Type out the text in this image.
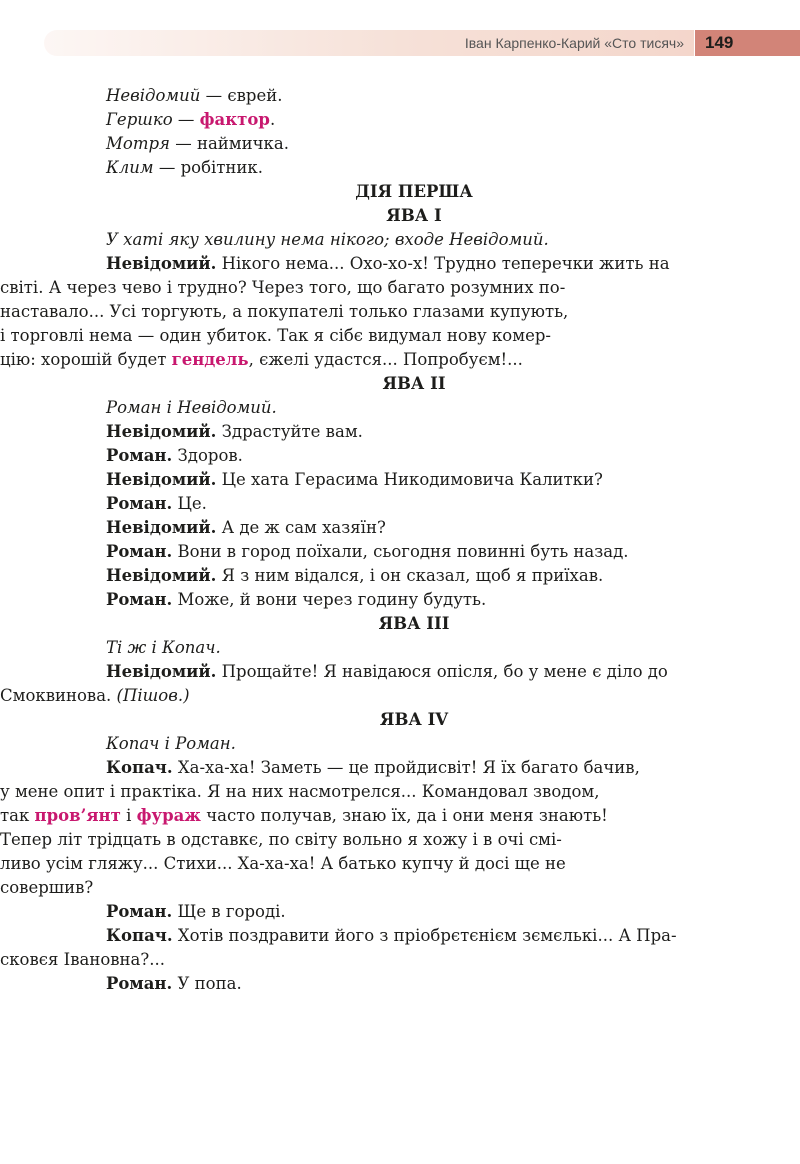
Іван Карпенко-Карий «Сто тисяч»	149

Невідомий — єврей.

Гершко — фактор.

Мотря — наймичка.

Клим — робітник.

ДІЯ ПЕРША

ЯВА І

У хаті яку хвилину нема нікого; входе Невідомий.

Невідомий. Нікого нема... Охо-хо-х! Трудно теперечки жить на

світі. А через чево і трудно? Через того, що багато розумних по-

наставало... Усі торгують, а покупателі только глазами купують,

і торговлі нема — один убиток. Так я сібє видумал нову комер-

цію: хорошій будет гендель, єжелі удастся... Попробуєм!...

ЯВА ІІ

Роман і Невідомий.

Невідомий. Здрастуйте вам.

Роман. Здоров.

Невідомий. Це хата Герасима Никодимовича Калитки?

Роман. Це.

Невідомий. А де ж сам хазяїн?

Роман. Вони в город поїхали, сьогодня повинні буть назад.

Невідомий. Я з ним відался, і он сказал, щоб я приїхав.

Роман. Може, й вони через годину будуть.

ЯВА ІІІ

Ті ж і Копач.

Невідомий. Прощайте! Я навідаюся опісля, бо у мене є діло до

Смоквинова. (Пішов.)

ЯВА IV

Копач і Роман.

Копач. Ха-ха-ха! Заметь — це пройдисвіт! Я їх багато бачив,

у мене опит і практіка. Я на них насмотрелся... Командовал зводом,

так пров’янт і фураж часто получав, знаю їх, да і они меня знають!

Тепер літ трідцать в одставкє, по світу вольно я хожу і в очі смі-

ливо усім гляжу... Стихи... Ха-ха-ха! А батько купчу й досі ще не

совершив?

Роман. Ще в городі.

Копач. Хотів поздравити його з пріобрєтєнієм зємєлькі... А Пра-

сковєя Івановна?...

Роман. У попа.
